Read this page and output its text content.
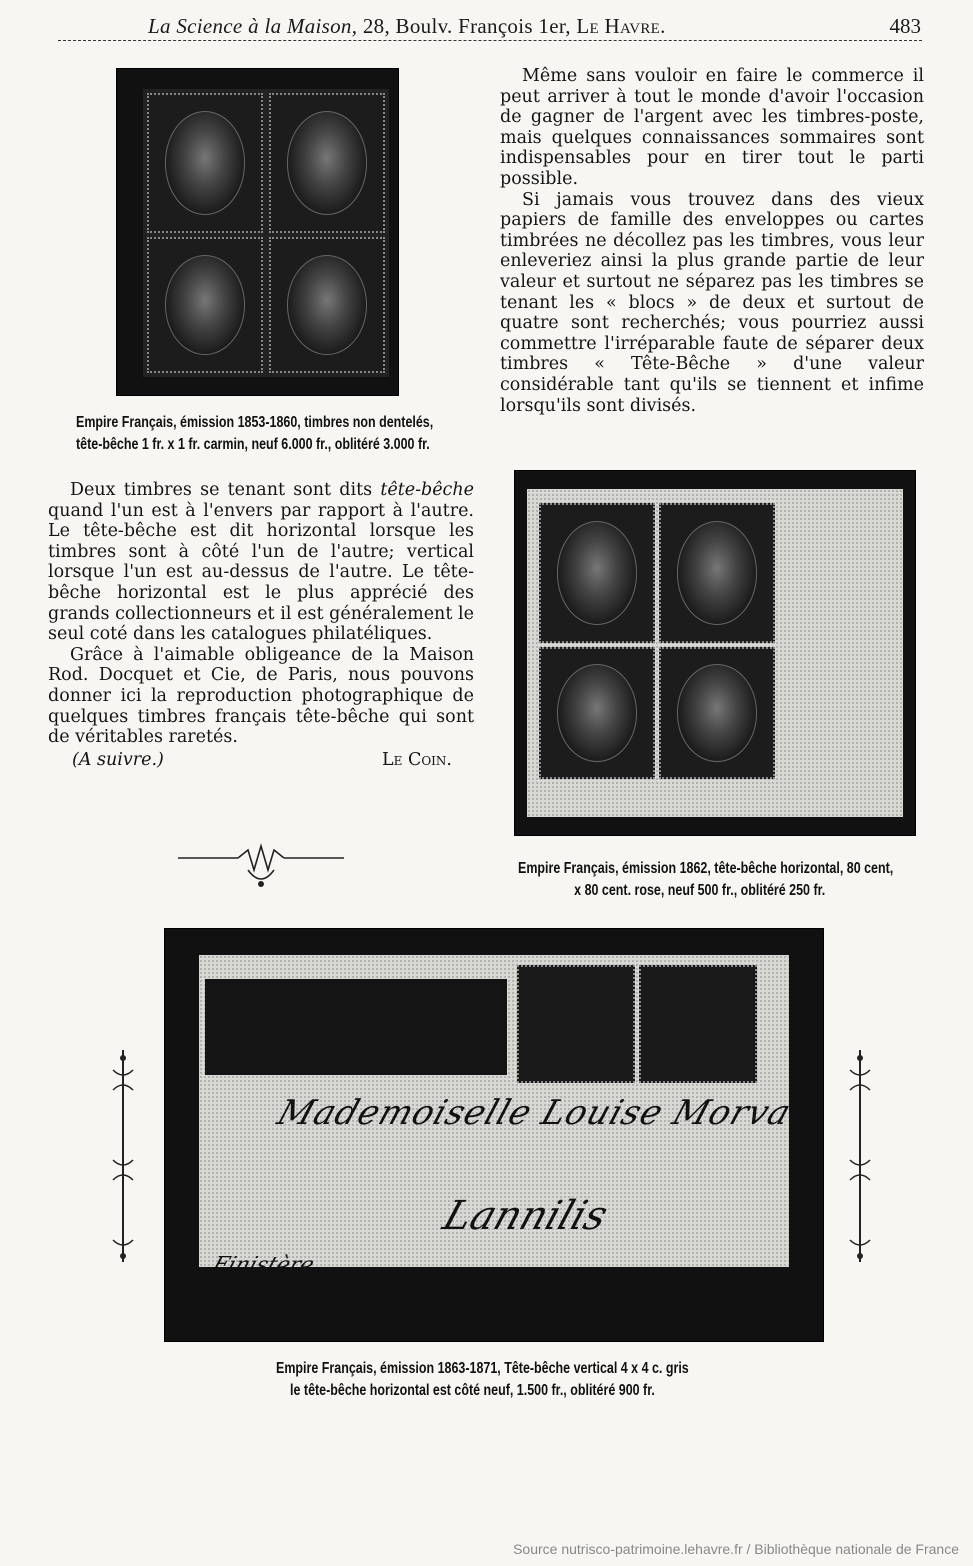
La Science à la Maison, 28, Boulv. François 1er, Le Havre.	483
Empire Français, émission 1853-1860, timbres non dentelés,
tête-bêche 1 fr. x 1 fr. carmin, neuf 6.000 fr., oblitéré 3.000 fr.

Même sans vouloir en faire le commerce il peut arriver à tout le monde d'avoir l'occasion de gagner de l'argent avec les timbres-poste, mais quelques connaissances sommaires sont indispensables pour en tirer tout le parti possible.

Si jamais vous trouvez dans des vieux papiers de famille des enveloppes ou cartes timbrées ne décollez pas les timbres, vous leur enleveriez ainsi la plus grande partie de leur valeur et surtout ne séparez pas les timbres se tenant les « blocs » de deux et surtout de quatre sont recherchés; vous pourriez aussi commettre l'irréparable faute de séparer deux timbres « Tête-Bêche » d'une valeur considérable tant qu'ils se tiennent et infime lorsqu'ils sont divisés.

Deux timbres se tenant sont dits tête-bêche quand l'un est à l'envers par rapport à l'autre. Le tête-bêche est dit horizontal lorsque les timbres sont à côté l'un de l'autre; vertical lorsque l'un est au-dessus de l'autre. Le tête-bêche horizontal est le plus apprécié des grands collectionneurs et il est généralement le seul coté dans les catalogues philatéliques.

Grâce à l'aimable obligeance de la Maison Rod. Docquet et Cie, de Paris, nous pouvons donner ici la reproduction photographique de quelques timbres français tête-bêche qui sont de véritables raretés.

(A suivre.)	Le Coin.
Empire Français, émission 1862, tête-bêche horizontal, 80 cent,
x 80 cent. rose, neuf 500 fr., oblitéré 250 fr.
Mademoiselle Louise Morvan
Lannilis
Finistère
Empire Français, émission 1863-1871, Tête-bêche vertical 4 x 4 c. gris
le tête-bêche horizontal est côté neuf, 1.500 fr., oblitéré 900 fr.
Source nutrisco-patrimoine.lehavre.fr / Bibliothèque nationale de France
